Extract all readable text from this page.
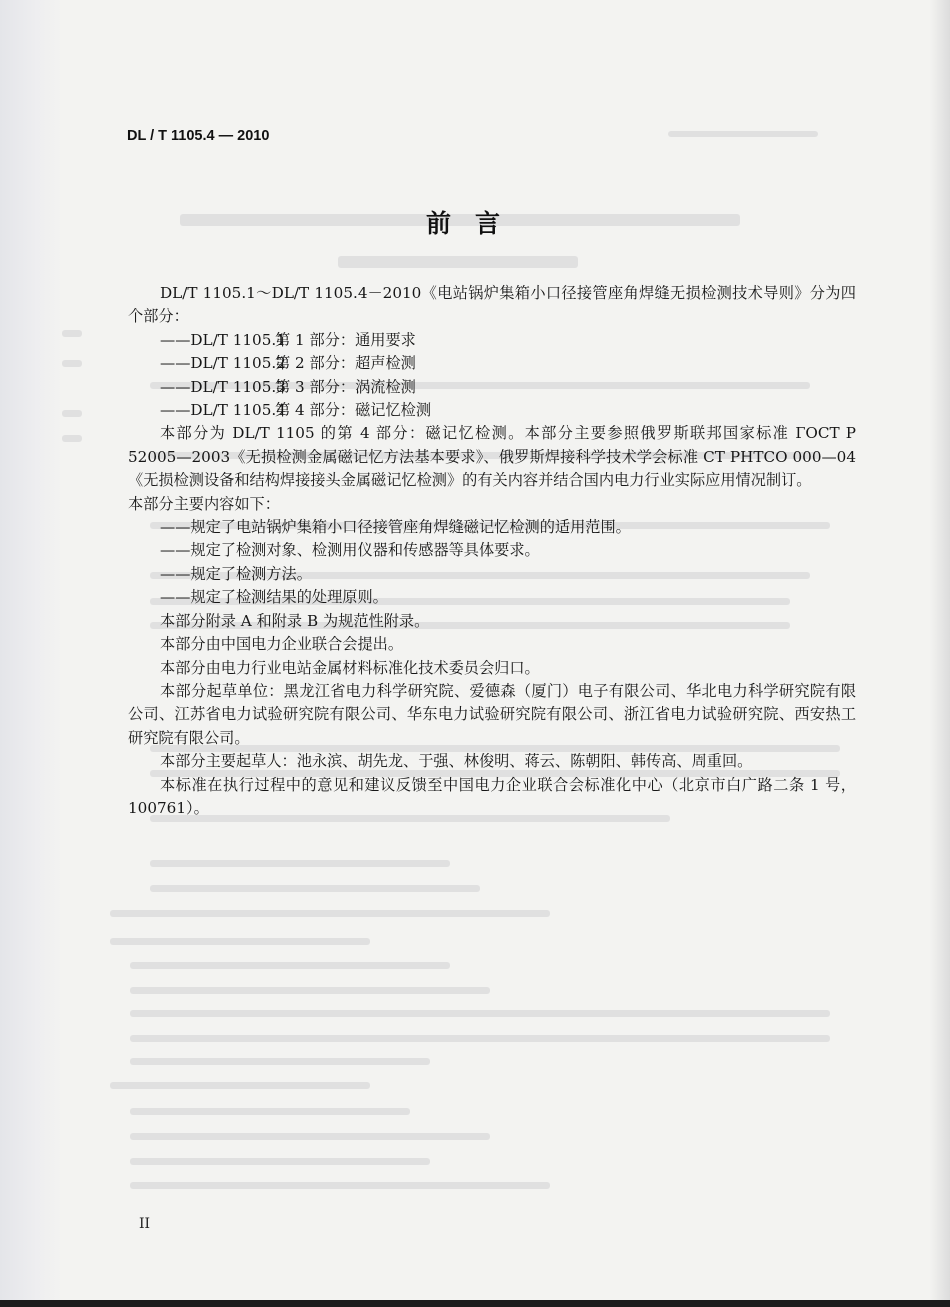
DL / T 1105.4 — 2010
前言

DL/T 1105.1～DL/T 1105.4－2010《电站锅炉集箱小口径接管座角焊缝无损检测技术导则》分为四个部分：

——DL/T 1105.1第 1 部分：通用要求
——DL/T 1105.2第 2 部分：超声检测
——DL/T 1105.3第 3 部分：涡流检测
——DL/T 1105.4第 4 部分：磁记忆检测

本部分为 DL/T 1105 的第 4 部分：磁记忆检测。本部分主要参照俄罗斯联邦国家标准 ГОСТ Р 52005—2003《无损检测金属磁记忆方法基本要求》、俄罗斯焊接科学技术学会标准 СТ РНТСО 000—04《无损检测设备和结构焊接接头金属磁记忆检测》的有关内容并结合国内电力行业实际应用情况制订。

本部分主要内容如下：

——规定了电站锅炉集箱小口径接管座角焊缝磁记忆检测的适用范围。
——规定了检测对象、检测用仪器和传感器等具体要求。
——规定了检测方法。
——规定了检测结果的处理原则。

本部分附录 A 和附录 B 为规范性附录。

本部分由中国电力企业联合会提出。

本部分由电力行业电站金属材料标准化技术委员会归口。

本部分起草单位：黑龙江省电力科学研究院、爱德森（厦门）电子有限公司、华北电力科学研究院有限公司、江苏省电力试验研究院有限公司、华东电力试验研究院有限公司、浙江省电力试验研究院、西安热工研究院有限公司。

本部分主要起草人：池永滨、胡先龙、于强、林俊明、蒋云、陈朝阳、韩传高、周重回。

本标准在执行过程中的意见和建议反馈至中国电力企业联合会标准化中心（北京市白广路二条 1 号，100761）。

II
